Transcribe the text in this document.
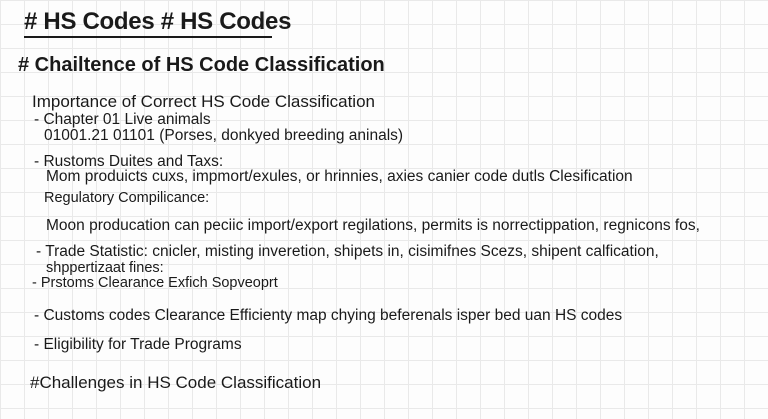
# HS Codes # HS Codes
# Chailtence of HS Code Classification
Importance of Correct HS Code Classification
- Chapter 01 Live animals
01001.21 01101 (Porses, donkyed breeding aninals)
- Rustoms Duites and Taxs:
Mom produicts cuxs, impmort/exules, or hrinnies, axies canier code dutls Clesification
Regulatory Compilicance:
Moon producation can peciic import/export regilations, permits is norrectippation, regnicons fos,
- Trade Statistic: cnicler, misting inveretion, shipets in, cisimifnes Scezs, shipent calfication,
shppertizaat fines:
- Prstoms Clearance Exfich Sopveoprt
- Customs codes Clearance Efficienty map chying beferenals isper bed uan HS codes
- Eligibility for Trade Programs
#Challenges in HS Code Classification
